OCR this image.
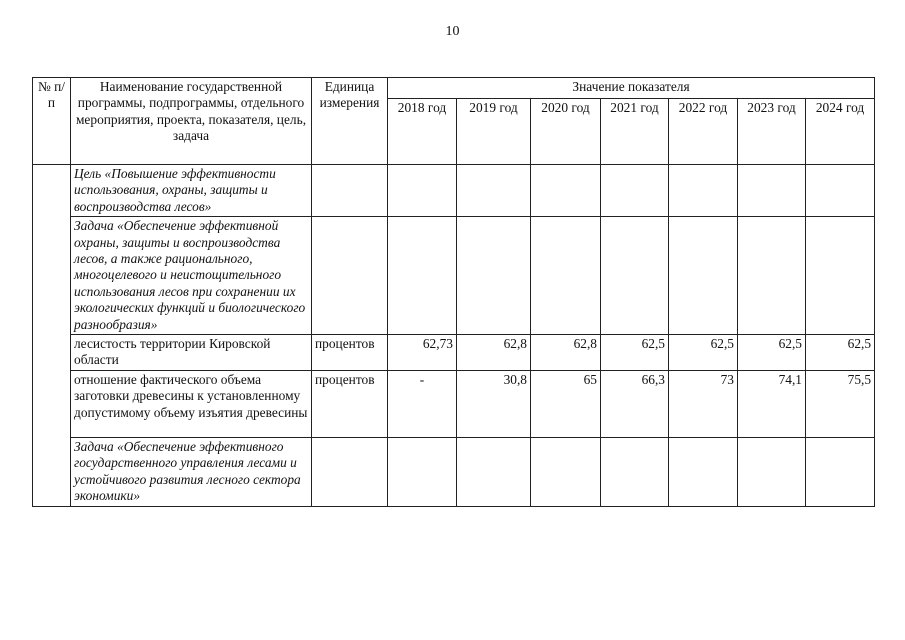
10
№ п/п	Наименование государственной программы, подпрограммы, отдельного мероприятия, проекта, показателя, цель, задача	Единица измерения	Значение показателя						
			2018 год	2019 год	2020 год	2021 год	2022 год	2023 год	2024 год
	Цель «Повышение эффективности использования, охраны, защиты и воспроизводства лесов»								
	Задача «Обеспечение эффективной охраны, защиты и воспроизводства лесов, а также рационального, многоцелевого и неистощительного использования лесов при сохранении их экологических функций и биологического разнообразия»								
	лесистость территории Кировской области	процентов	62,73	62,8	62,8	62,5	62,5	62,5	62,5
	отношение фактического объема заготовки древесины к установленному допустимому объему изъятия древесины	процентов	-	30,8	65	66,3	73	74,1	75,5
	Задача «Обеспечение эффективного государственного управления лесами и устойчивого развития лесного сектора экономики»								
